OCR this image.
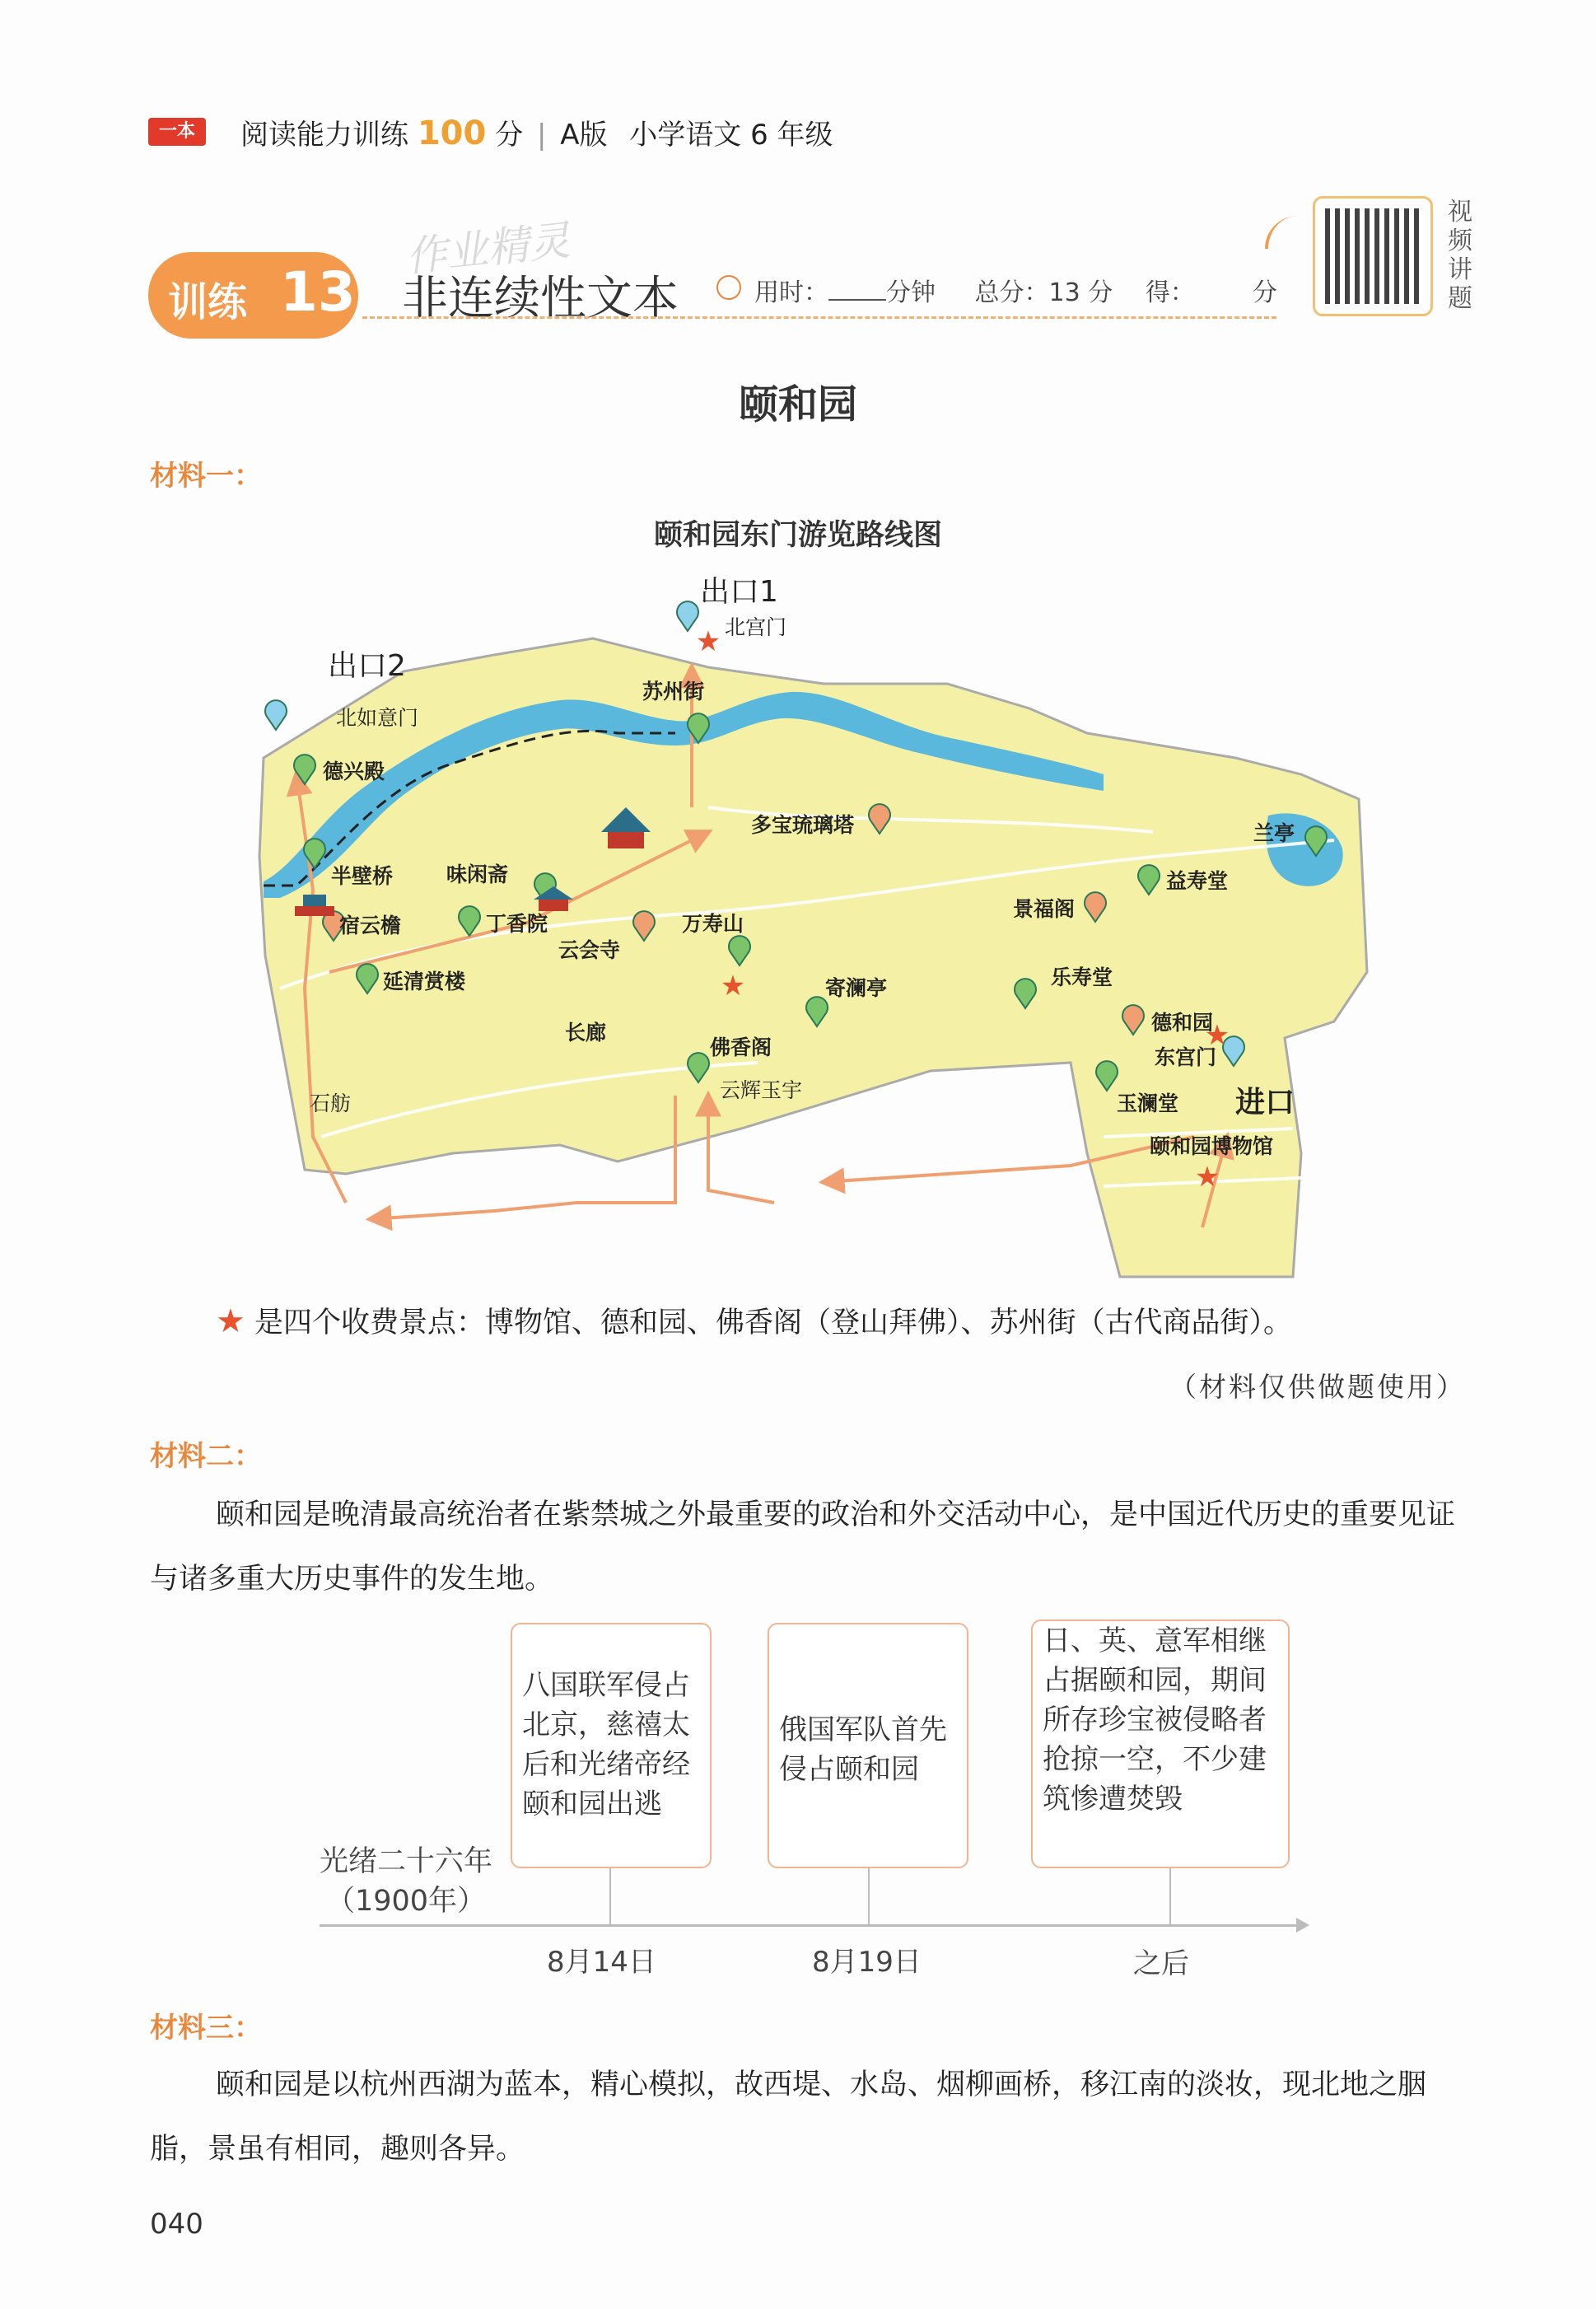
一本	阅读能力训练 100 分 | A版 小学语文 6 年级
训练 13
作业精灵
非连续性文本	用时： 分钟 总分：13 分 得： 分
视频讲题
颐和园
材料一：
颐和园东门游览路线图
★
★
★
★
出口1
北宫门
出口2
北如意门
苏州街
德兴殿
多宝琉璃塔	兰亭
益寿堂
景福阁
半壁桥	味闲斋
宿云檐	丁香院	万寿山
云会寺
延清赏楼
佛香阁
寄澜亭	乐寿堂
德和园
东宫门
长廊
石舫
云辉玉宇
玉澜堂 进口
颐和园博物馆
★ 是四个收费景点：博物馆、德和园、佛香阁（登山拜佛）、苏州街（古代商品街）。
（材料仅供做题使用）
材料二：
颐和园是晚清最高统治者在紫禁城之外最重要的政治和外交活动中心，是中国近代历史的重要见证与诸多重大历史事件的发生地。
光绪二十六年
（1900年）
八国联军侵占北京，慈禧太后和光绪帝经颐和园出逃
8月14日
俄国军队首先侵占颐和园
8月19日
日、英、意军相继占据颐和园，期间所存珍宝被侵略者抢掠一空，不少建筑惨遭焚毁
之后
材料三：
颐和园是以杭州西湖为蓝本，精心模拟，故西堤、水岛、烟柳画桥，移江南的淡妆，现北地之胭脂，景虽有相同，趣则各异。
040
